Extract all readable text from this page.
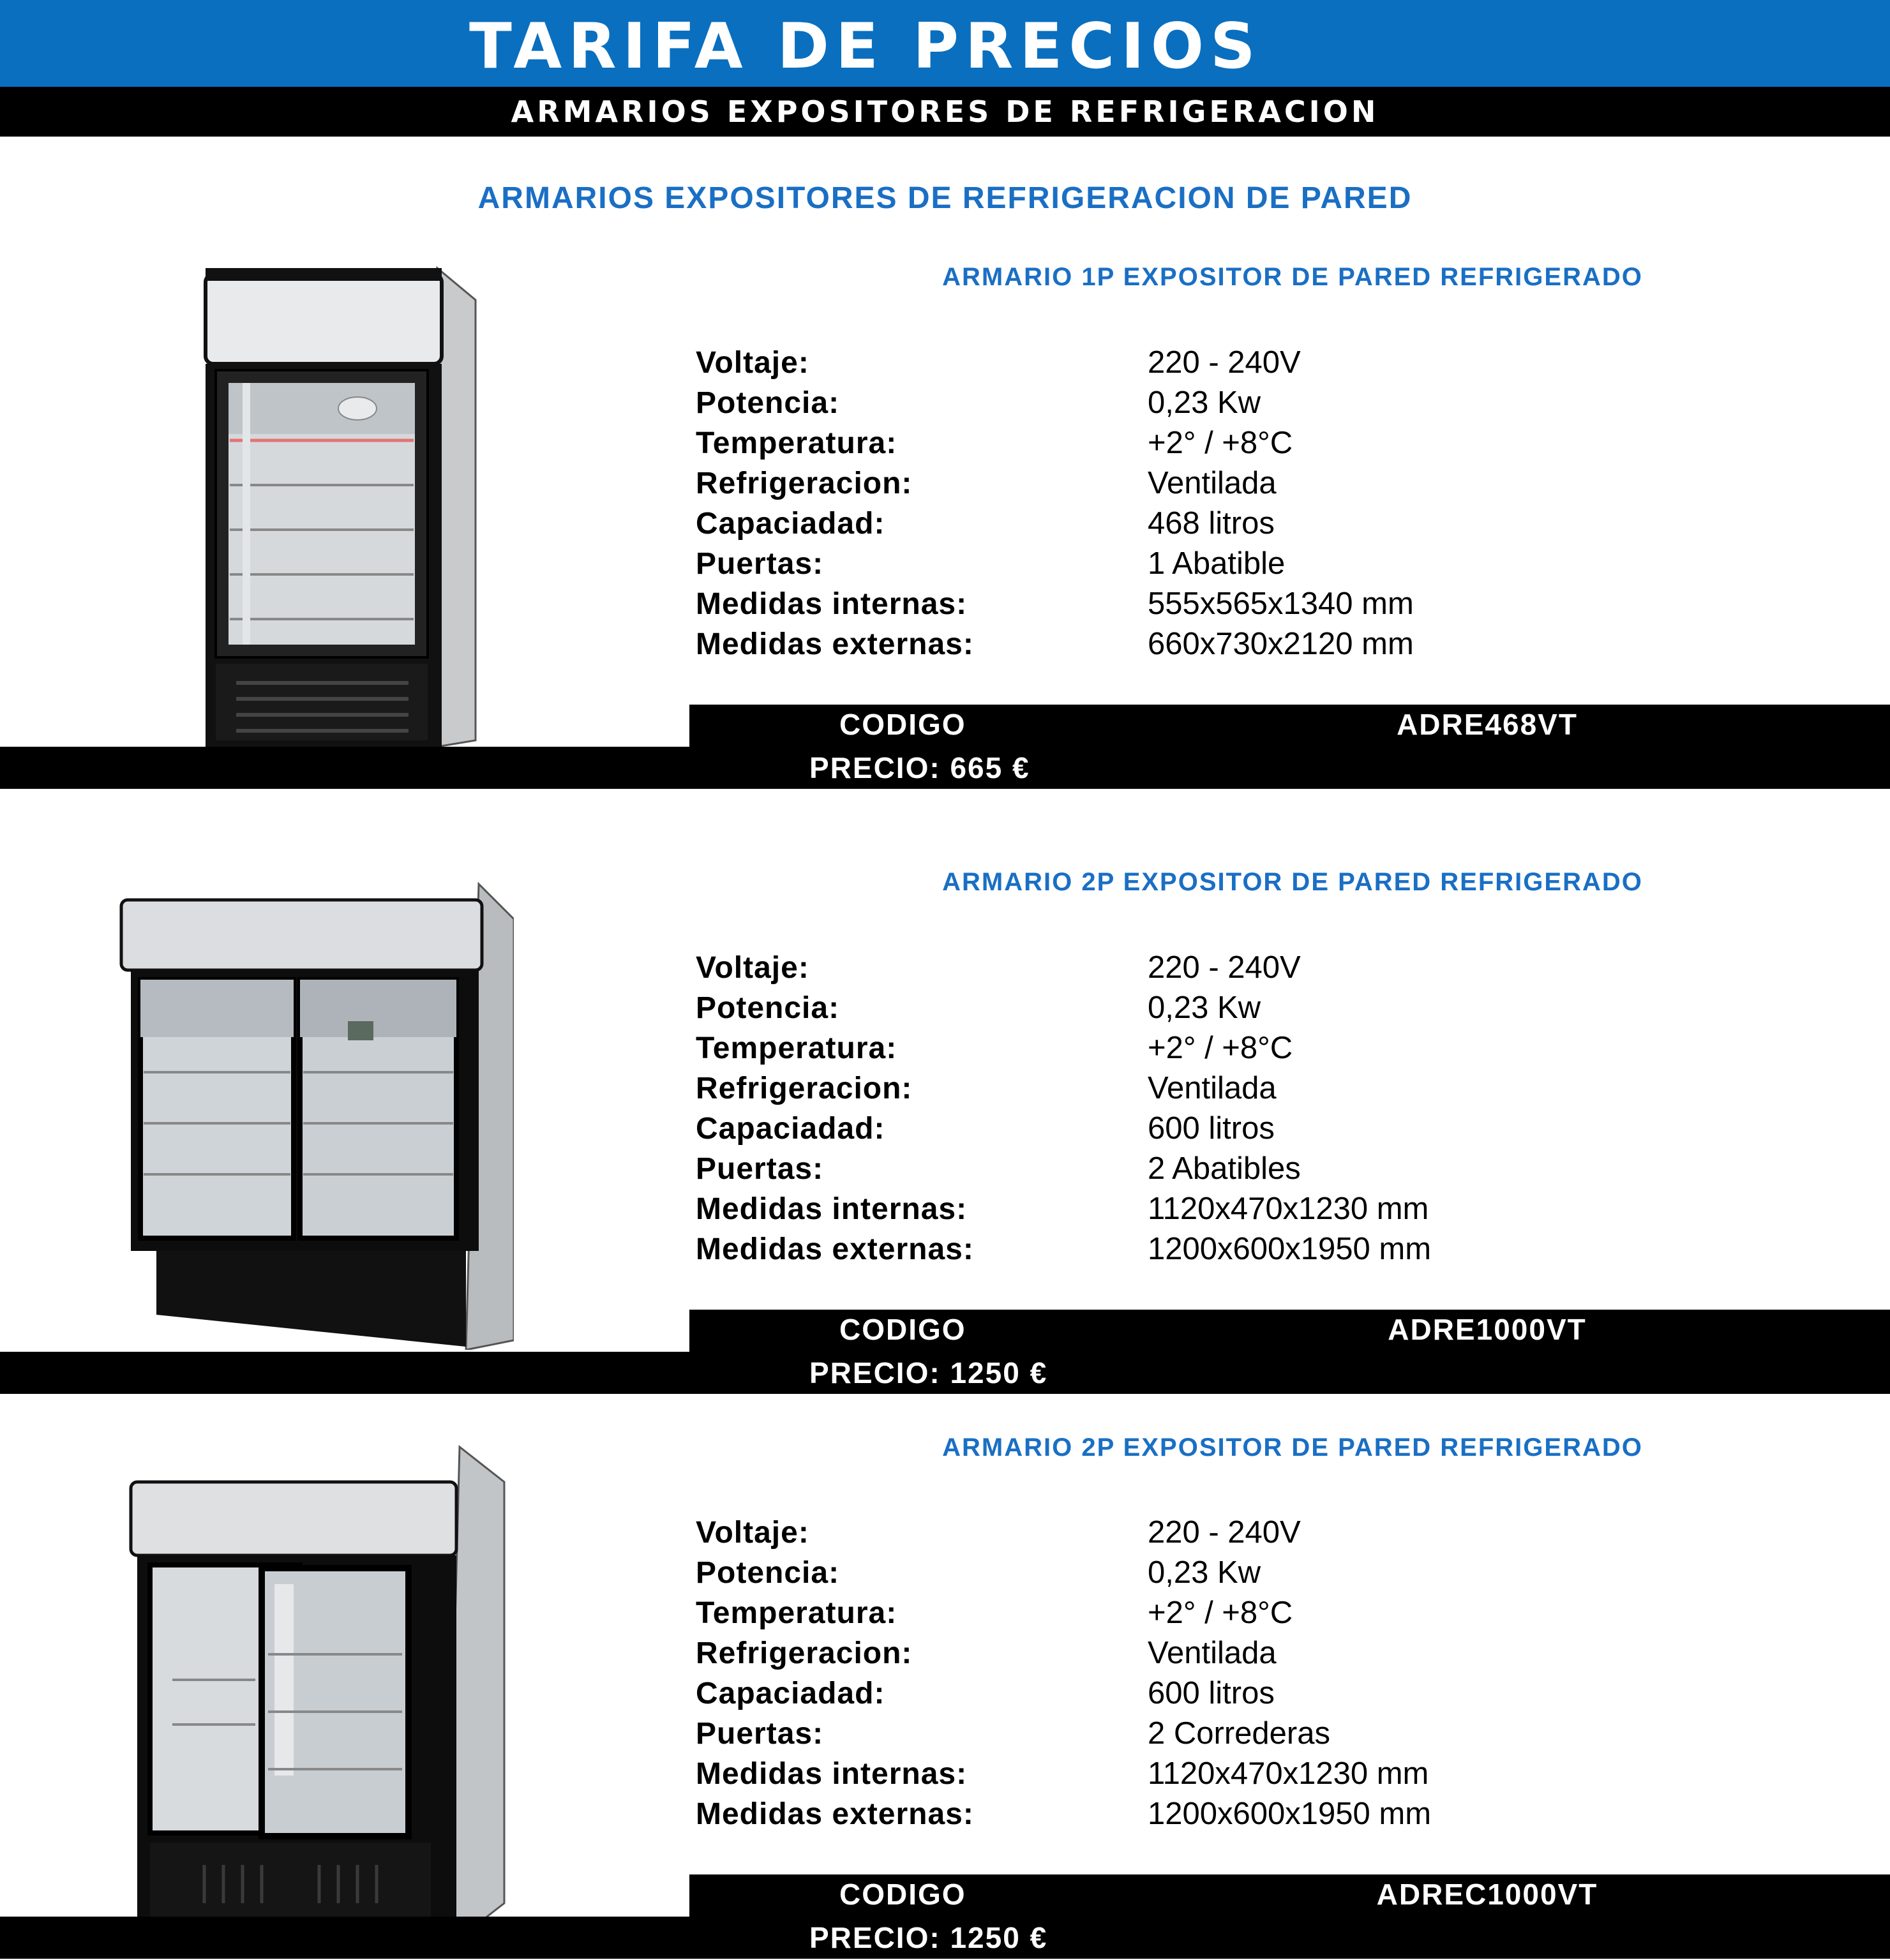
TARIFA DE PRECIOS
ARMARIOS EXPOSITORES DE REFRIGERACION
ARMARIOS EXPOSITORES DE REFRIGERACION DE PARED
ARMARIO 1P EXPOSITOR DE PARED REFRIGERADO
Voltaje:	220 - 240V
Potencia:	0,23 Kw
Temperatura:	+2° / +8°C
Refrigeracion:	Ventilada
Capaciadad:	468 litros
Puertas:	1 Abatible
Medidas internas:	555x565x1340 mm
Medidas externas:	660x730x2120 mm
CODIGO	ADRE468VT
PRECIO: 665 €
ARMARIO 2P EXPOSITOR DE PARED REFRIGERADO
Voltaje:	220 - 240V
Potencia:	0,23 Kw
Temperatura:	+2° / +8°C
Refrigeracion:	Ventilada
Capaciadad:	600 litros
Puertas:	2 Abatibles
Medidas internas:	1120x470x1230 mm
Medidas externas:	1200x600x1950 mm
CODIGO	ADRE1000VT
PRECIO: 1250 €
ARMARIO 2P EXPOSITOR DE PARED REFRIGERADO
Voltaje:	220 - 240V
Potencia:	0,23 Kw
Temperatura:	+2° / +8°C
Refrigeracion:	Ventilada
Capaciadad:	600 litros
Puertas:	2 Correderas
Medidas internas:	1120x470x1230 mm
Medidas externas:	1200x600x1950 mm
CODIGO	ADREC1000VT
PRECIO: 1250 €
